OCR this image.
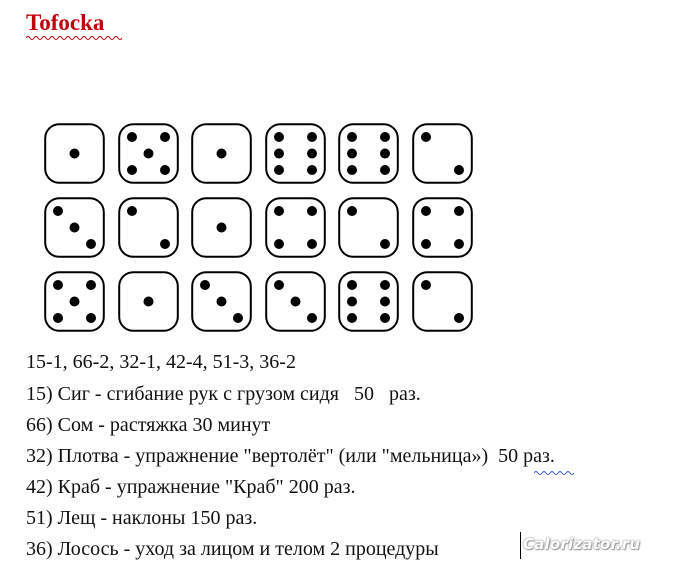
Tofocka
15-1, 66-2, 32-1, 42-4, 51-3, 36-2
15) Сиг - сгибание рук с грузом сидя   50   раз.
66) Сом - растяжка 30 минут
32) Плотва - упражнение "вертолёт" (или "мельница»)  50 раз.
42) Краб - упражнение "Краб" 200 раз.
51) Лещ - наклоны 150 раз.
36) Лосось - уход за лицом и телом 2 процедуры	Calorizator.ru
